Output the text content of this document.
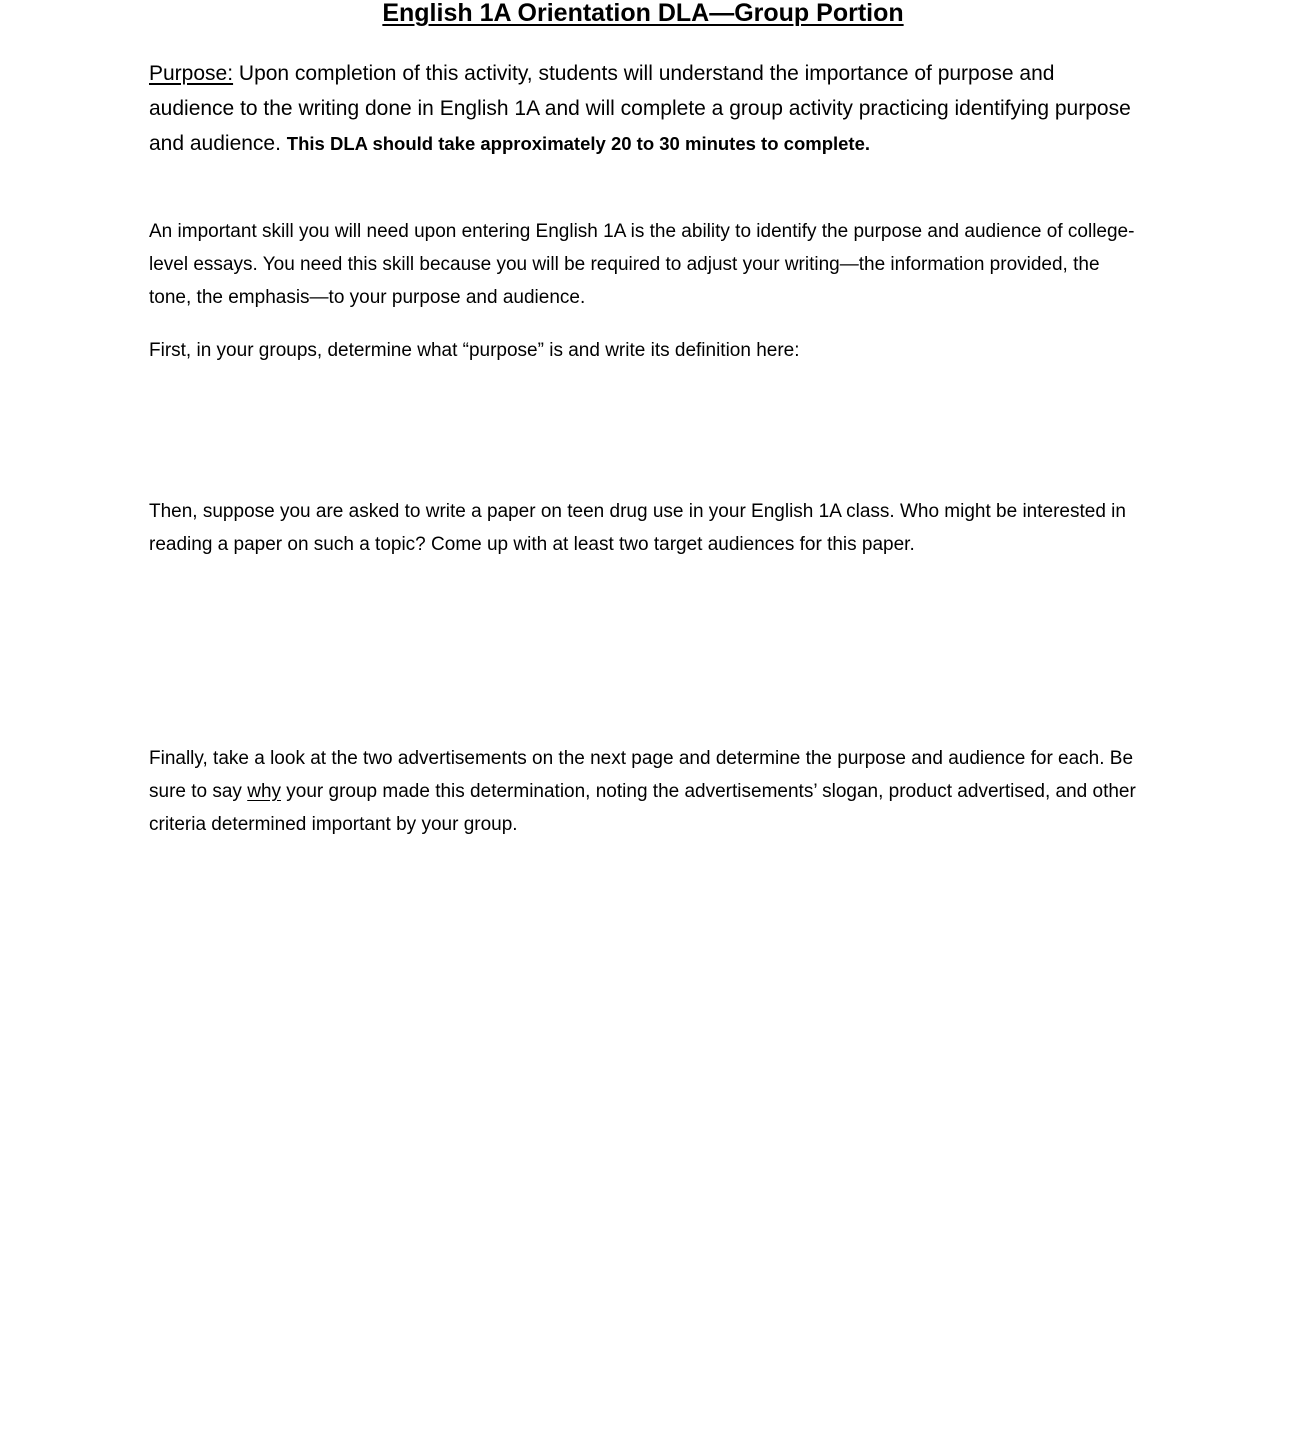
English 1A Orientation DLA—Group Portion

Purpose: Upon completion of this activity, students will understand the importance of purpose and audience to the writing done in English 1A and will complete a group activity practicing identifying purpose and audience. This DLA should take approximately 20 to 30 minutes to complete.

An important skill you will need upon entering English 1A is the ability to identify the purpose and audience of college-level essays. You need this skill because you will be required to adjust your writing—the information provided, the tone, the emphasis—to your purpose and audience.

First, in your groups, determine what “purpose” is and write its definition here:

Then, suppose you are asked to write a paper on teen drug use in your English 1A class. Who might be interested in reading a paper on such a topic? Come up with at least two target audiences for this paper.

Finally, take a look at the two advertisements on the next page and determine the purpose and audience for each. Be sure to say why your group made this determination, noting the advertisements’ slogan, product advertised, and other criteria determined important by your group.
